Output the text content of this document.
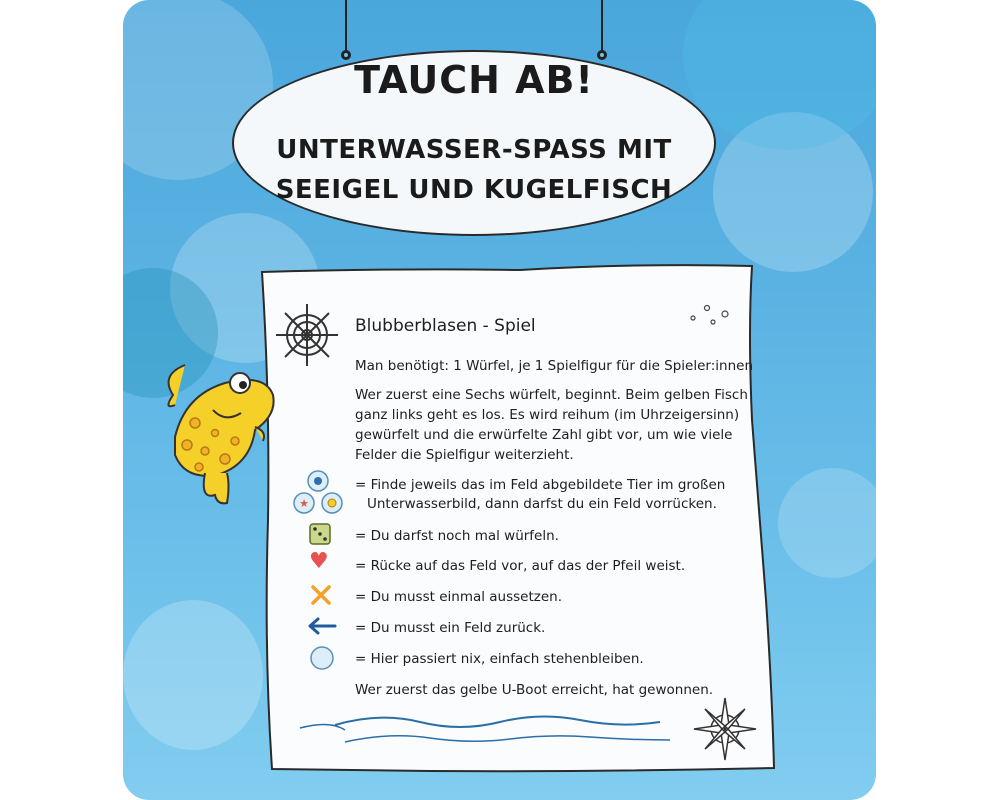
TAUCH AB!
UNTERWASSER-SPASS MIT
SEEIGEL UND KUGELFISCH
Blubberblasen - Spiel
Man benötigt: 1 Würfel, je 1 Spielfigur für die Spieler:innen
Wer zuerst eine Sechs würfelt, beginnt. Beim gelben Fisch
ganz links geht es los. Es wird reihum (im Uhrzeigersinn)
gewürfelt und die erwürfelte Zahl gibt vor, um wie viele
Felder die Spielfigur weiterzieht.
★
= Finde jeweils das im Feld abgebildete Tier im großen
Unterwasserbild, dann darfst du ein Feld vorrücken.
= Du darfst noch mal würfeln.
♥ = Rücke auf das Feld vor, auf das der Pfeil weist.
= Du musst einmal aussetzen.
= Du musst ein Feld zurück.
= Hier passiert nix, einfach stehenbleiben.
Wer zuerst das gelbe U-Boot erreicht, hat gewonnen.
